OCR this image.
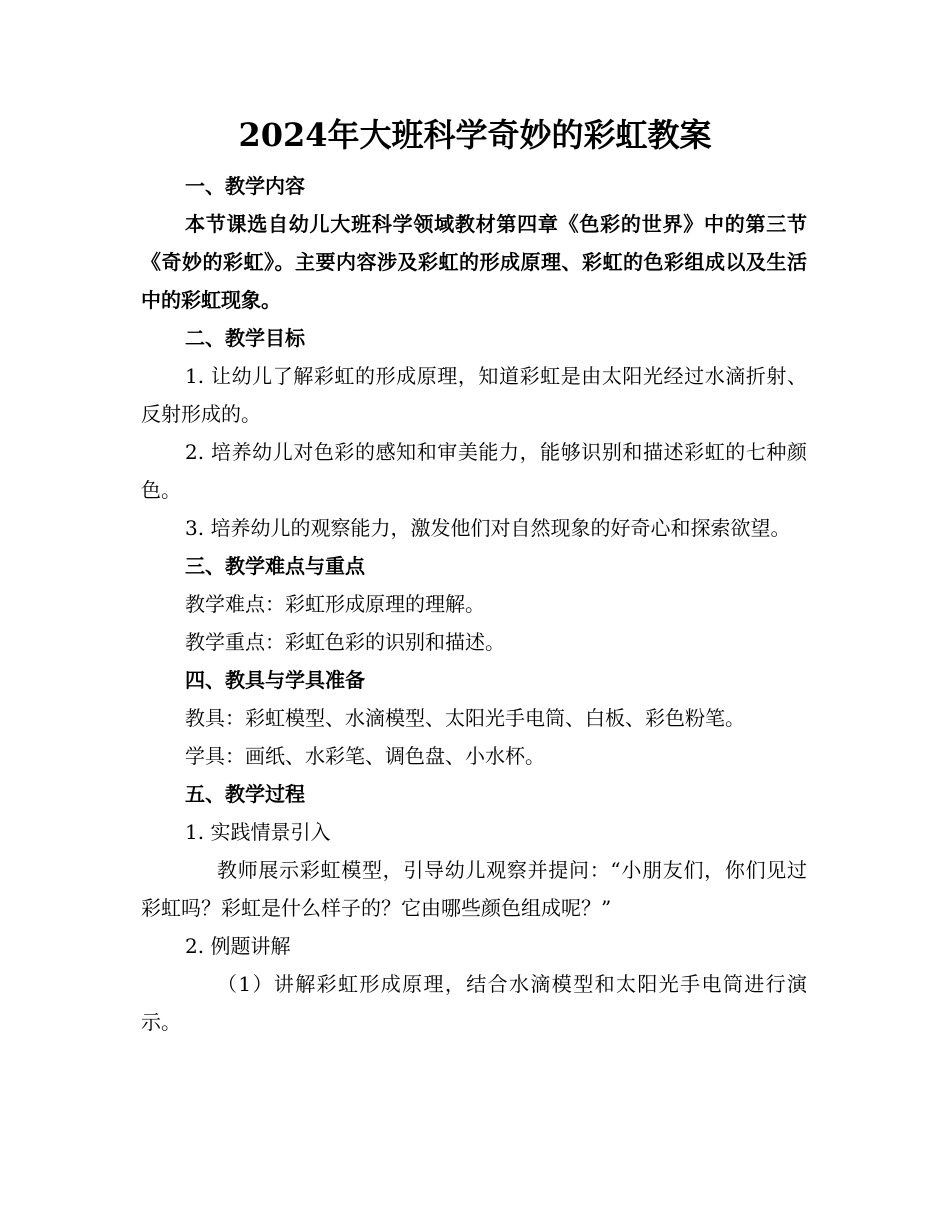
2024年大班科学奇妙的彩虹教案

一、教学内容

本节课选自幼儿大班科学领域教材第四章《色彩的世界》中的第三节《奇妙的彩虹》。主要内容涉及彩虹的形成原理、彩虹的色彩组成以及生活中的彩虹现象。

二、教学目标

1. 让幼儿了解彩虹的形成原理，知道彩虹是由太阳光经过水滴折射、反射形成的。

2. 培养幼儿对色彩的感知和审美能力，能够识别和描述彩虹的七种颜色。

3. 培养幼儿的观察能力，激发他们对自然现象的好奇心和探索欲望。

三、教学难点与重点

教学难点：彩虹形成原理的理解。

教学重点：彩虹色彩的识别和描述。

四、教具与学具准备

教具：彩虹模型、水滴模型、太阳光手电筒、白板、彩色粉笔。

学具：画纸、水彩笔、调色盘、小水杯。

五、教学过程

1. 实践情景引入

教师展示彩虹模型，引导幼儿观察并提问：“小朋友们，你们见过彩虹吗？彩虹是什么样子的？它由哪些颜色组成呢？”

2. 例题讲解

（1）讲解彩虹形成原理，结合水滴模型和太阳光手电筒进行演示。
